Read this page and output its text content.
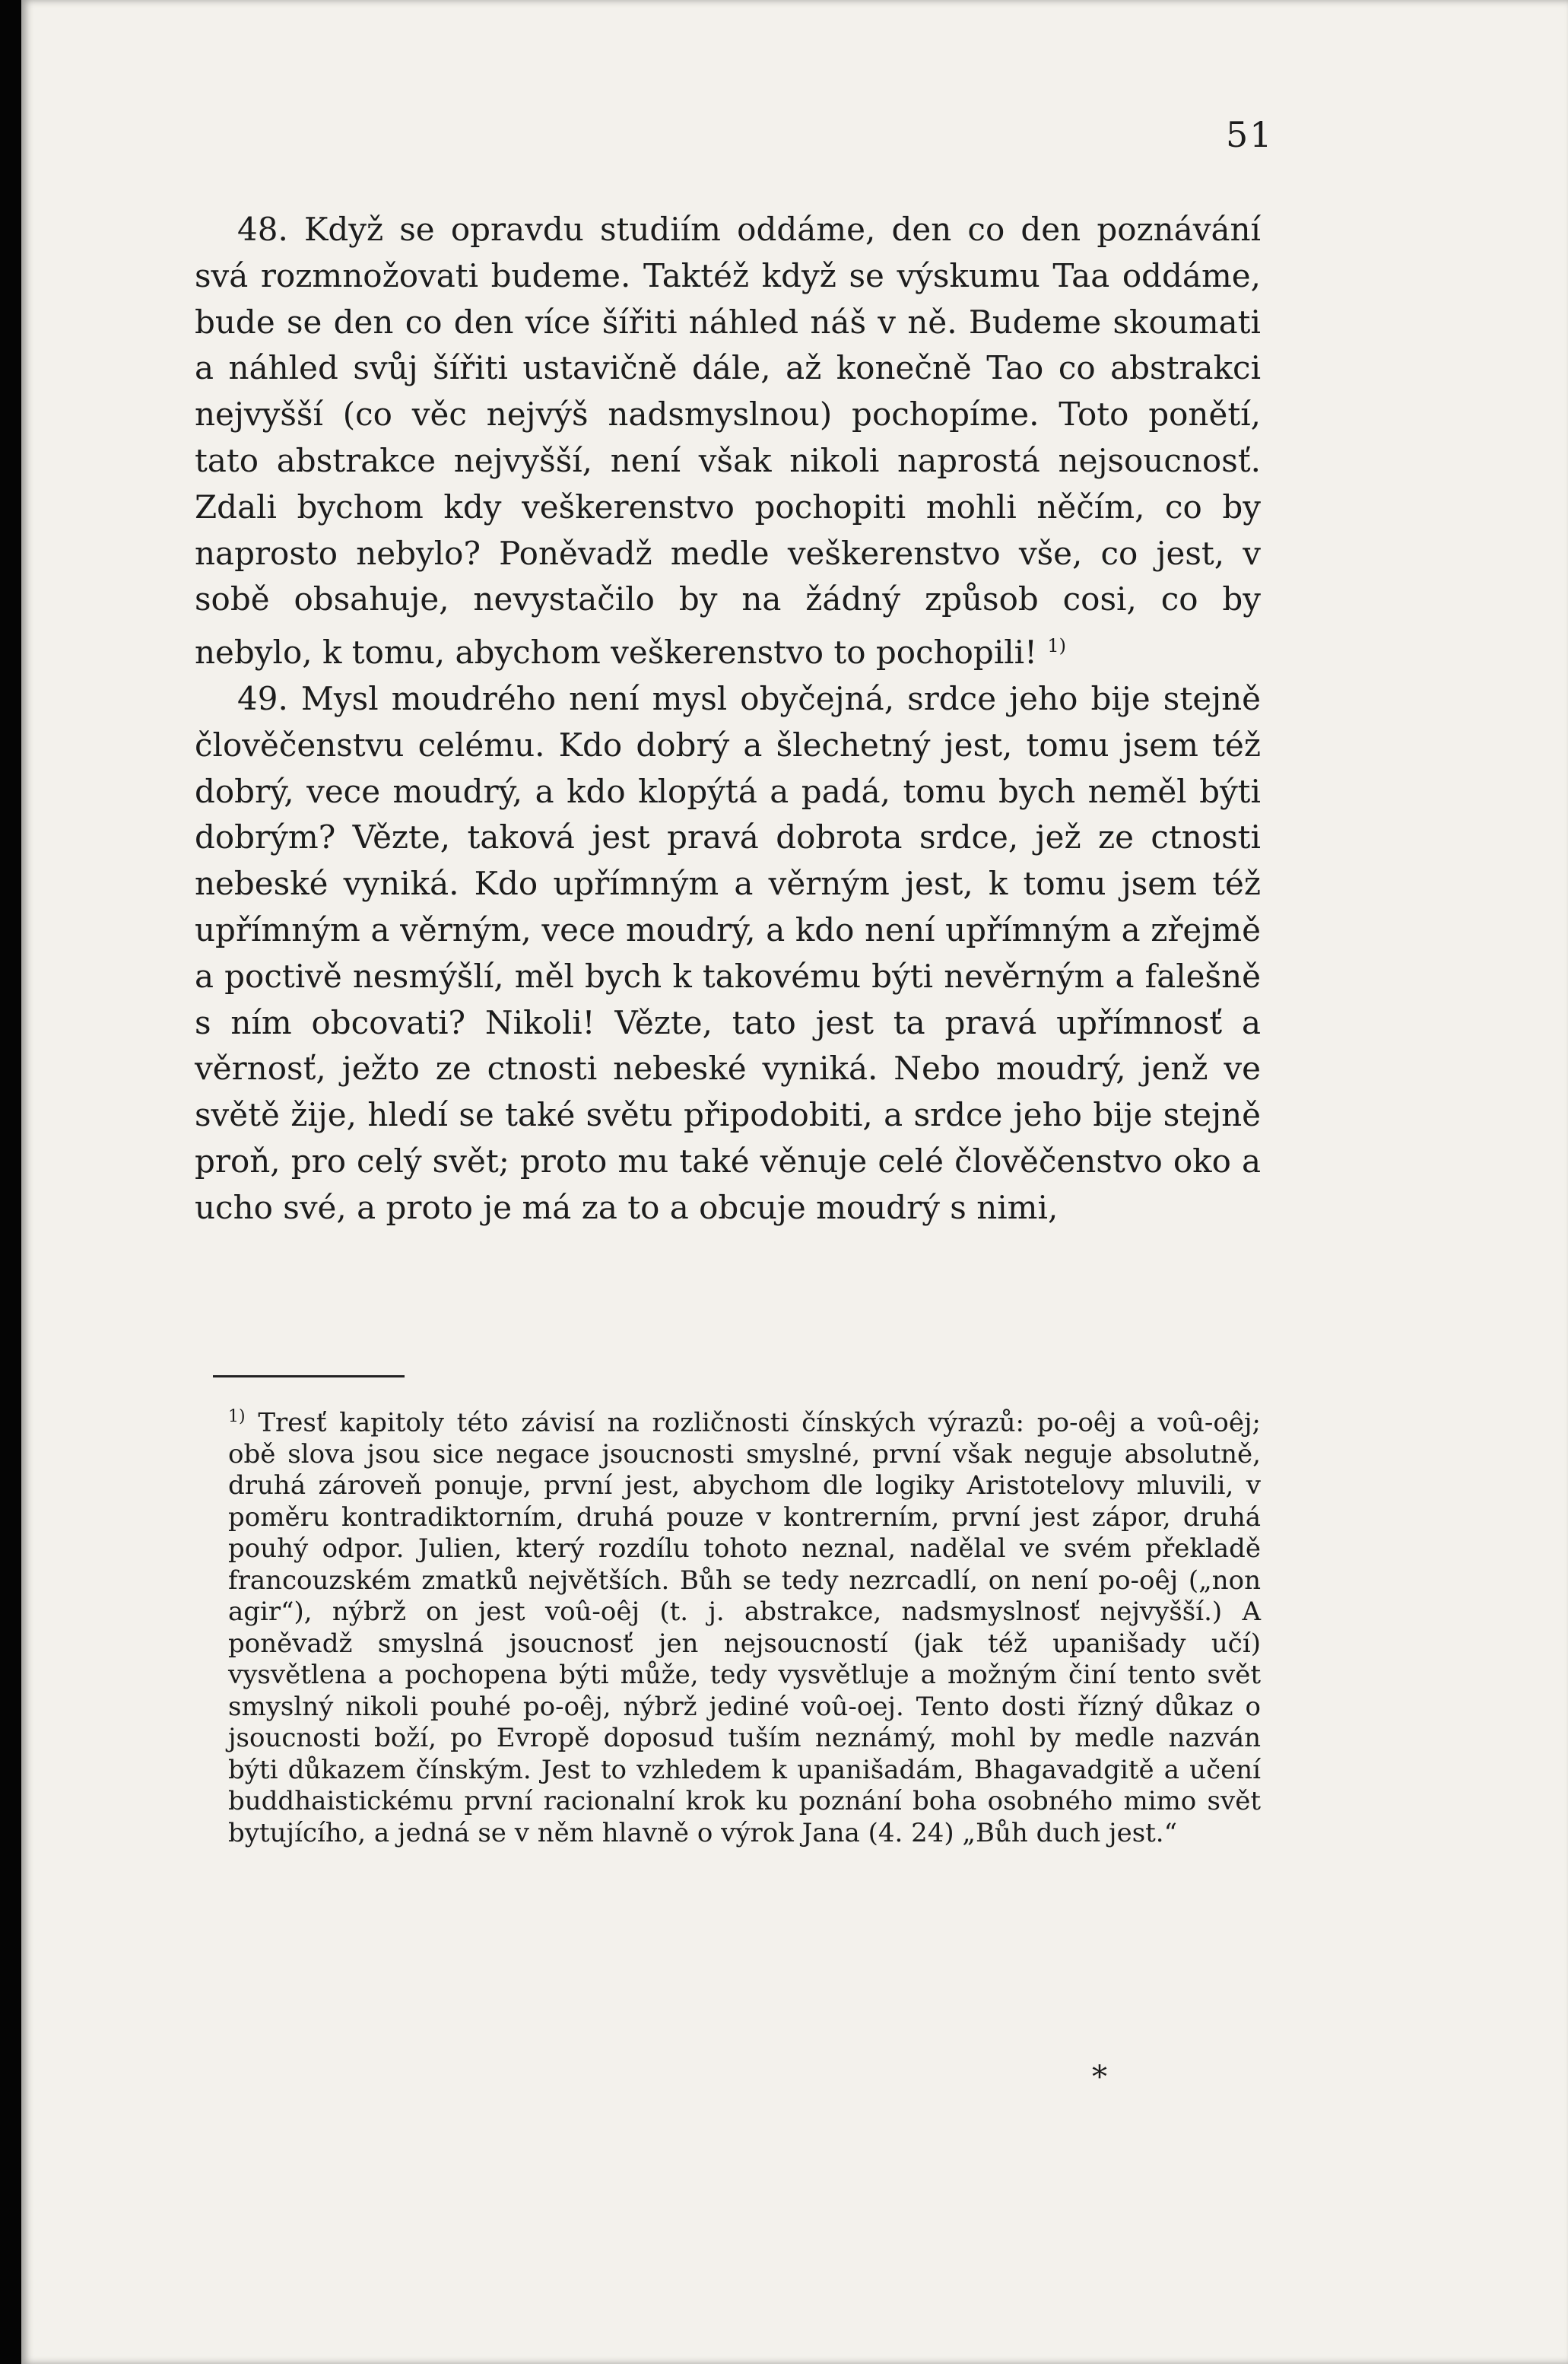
51

48. Když se opravdu studiím oddáme, den co den poznávání svá rozmnožovati budeme. Taktéž když se výskumu Taa oddáme, bude se den co den více šířiti náhled náš v ně. Budeme skoumati a náhled svůj šířiti ustavičně dále, až konečně Tao co abstrakci nejvyšší (co věc nejvýš nadsmyslnou) pochopíme. Toto ponětí, tato abstrakce nejvyšší, není však nikoli naprostá nejsoucnosť. Zdali bychom kdy veškerenstvo pochopiti mohli něčím, co by naprosto nebylo? Poněvadž medle veškerenstvo vše, co jest, v sobě obsahuje, nevystačilo by na žádný způsob cosi, co by nebylo, k tomu, abychom veškerenstvo to pochopili! $^{1)}$

49. Mysl moudrého není mysl obyčejná, srdce jeho bije stejně člověčenstvu celému. Kdo dobrý a šlechetný jest, tomu jsem též dobrý, vece moudrý, a kdo klopýtá a padá, tomu bych neměl býti dobrým? Vězte, taková jest pravá dobrota srdce, jež ze ctnosti nebeské vyniká. Kdo upřímným a věrným jest, k tomu jsem též upřímným a věrným, vece moudrý, a kdo není upřímným a zřejmě a poctivě nesmýšlí, měl bych k takovému býti nevěrným a falešně s ním obcovati? Nikoli! Vězte, tato jest ta pravá upřímnosť a věrnosť, ježto ze ctnosti nebeské vyniká. Nebo moudrý, jenž ve světě žije, hledí se také světu připodobiti, a srdce jeho bije stejně proň, pro celý svět; proto mu také věnuje celé člověčenstvo oko a ucho své, a proto je má za to a obcuje moudrý s nimi,

$^{1)}$ Tresť kapitoly této závisí na rozličnosti čínských výrazů: po-oêj a voû-oêj; obě slova jsou sice negace jsoucnosti smyslné, první však neguje absolutně, druhá zároveň ponuje, první jest, abychom dle logiky Aristotelovy mluvili, v poměru kontradiktorním, druhá pouze v kontrerním, první jest zápor, druhá pouhý odpor. Julien, který rozdílu tohoto neznal, nadělal ve svém překladě francouzském zmatků největších. Bůh se tedy nezrcadlí, on není po-oêj („non agir“), nýbrž on jest voû-oêj (t. j. abstrakce, nadsmyslnosť nejvyšší.) A poněvadž smyslná jsoucnosť jen nejsoucností (jak též upanišady učí) vysvětlena a pochopena býti může, tedy vysvětluje a možným činí tento svět smyslný nikoli pouhé po-oêj, nýbrž jediné voû-oej. Tento dosti řízný důkaz o jsoucnosti boží, po Evropě doposud tuším neznámý, mohl by medle nazván býti důkazem čínským. Jest to vzhledem k upanišadám, Bhagavadgitě a učení buddhaistickému první racionalní krok ku poznání boha osobného mimo svět bytujícího, a jedná se v něm hlavně o výrok Jana (4. 24) „Bůh duch jest.“
*
